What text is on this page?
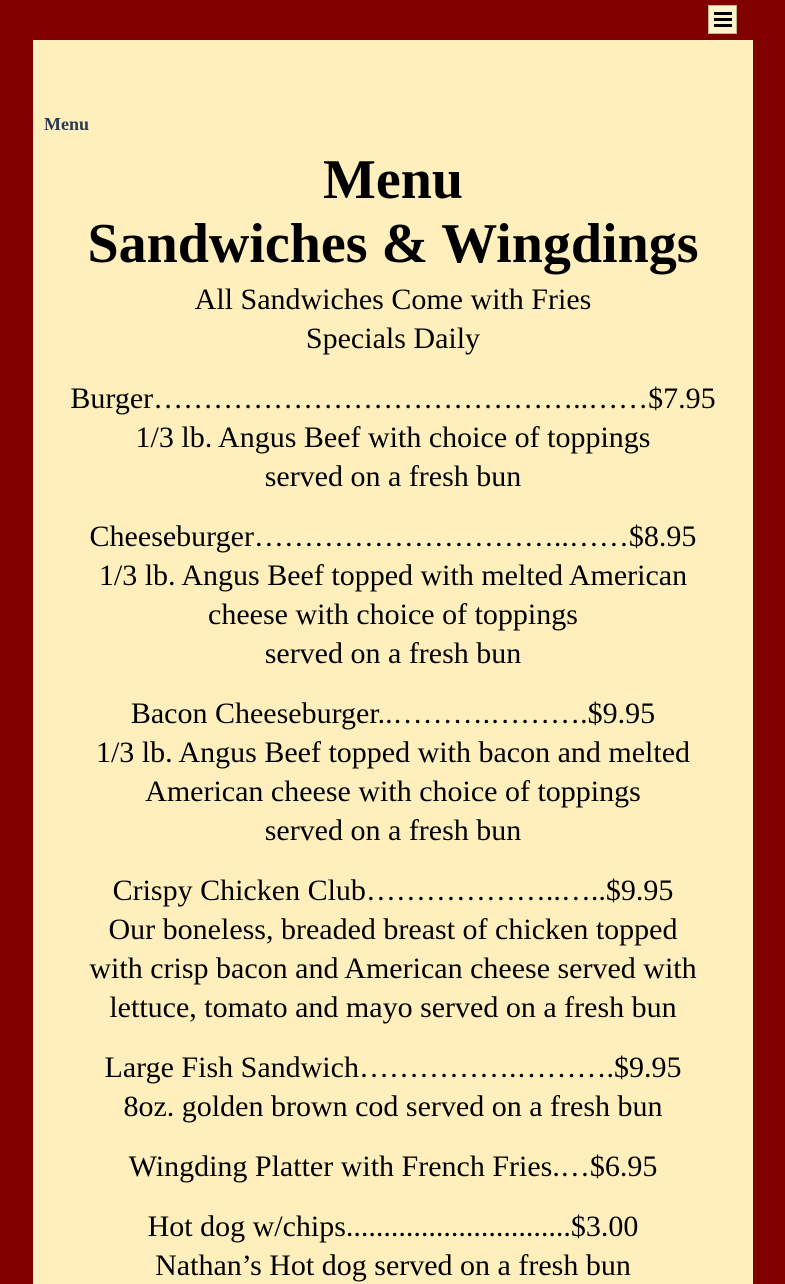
Menu
Menu
Sandwiches & Wingdings

All Sandwiches Come with Fries

Specials Daily

Burger……………………………………..……$7.95

1/3 lb. Angus Beef with choice of toppings

served on a fresh bun

Cheeseburger…………………………..……$8.95

1/3 lb. Angus Beef topped with melted American

cheese with choice of toppings

served on a fresh bun

Bacon Cheeseburger..……….……….$9.95

1/3 lb. Angus Beef topped with bacon and melted

American cheese with choice of toppings

served on a fresh bun

Crispy Chicken Club………………..…..$9.95

Our boneless, breaded breast of chicken topped

with crisp bacon and American cheese served with

lettuce, tomato and mayo served on a fresh bun

Large Fish Sandwich…………….……….$9.95

8oz. golden brown cod served on a fresh bun

Wingding Platter with French Fries.…$6.95

Hot dog w/chips..............................$3.00

Nathan’s Hot dog served on a fresh bun
